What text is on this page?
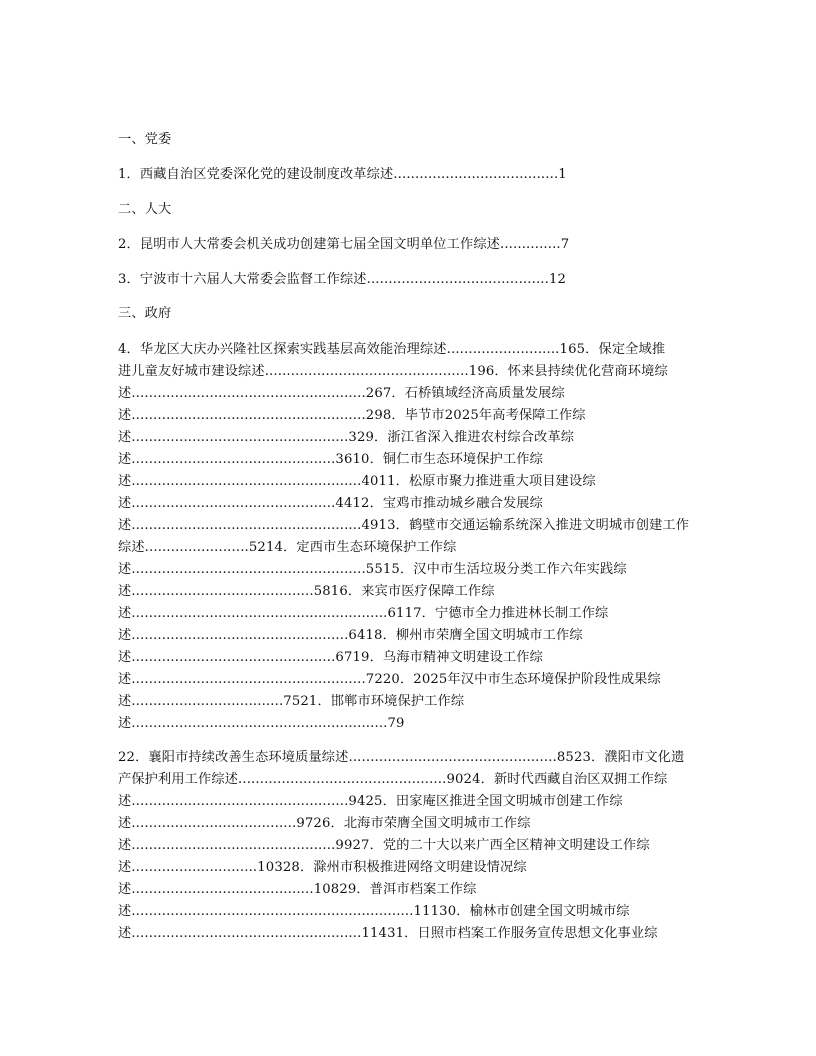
一、党委

1．西藏自治区党委深化党的建设制度改革综述......................................1

二、人大

2．昆明市人大常委会机关成功创建第七届全国文明单位工作综述..............7

3．宁波市十六届人大常委会监督工作综述..........................................12

三、政府

4．华龙区大庆办兴隆社区探索实践基层高效能治理综述..........................165．保定全域推

进儿童友好城市建设综述...............................................196．怀来县持续优化营商环境综

述......................................................267．石桥镇域经济高质量发展综

述......................................................298．毕节市2025年高考保障工作综

述..................................................329．浙江省深入推进农村综合改革综

述...............................................3610．铜仁市生态环境保护工作综

述.....................................................4011．松原市聚力推进重大项目建设综

述...............................................4412．宝鸡市推动城乡融合发展综

述.....................................................4913．鹤壁市交通运输系统深入推进文明城市创建工作

综述........................5214．定西市生态环境保护工作综

述......................................................5515．汉中市生活垃圾分类工作六年实践综

述..........................................5816．来宾市医疗保障工作综

述...........................................................6117．宁德市全力推进林长制工作综

述..................................................6418．柳州市荣膺全国文明城市工作综

述...............................................6719．乌海市精神文明建设工作综

述......................................................7220．2025年汉中市生态环境保护阶段性成果综

述...................................7521．邯郸市环境保护工作综

述...........................................................79

22．襄阳市持续改善生态环境质量综述................................................8523．濮阳市文化遗

产保护利用工作综述................................................9024．新时代西藏自治区双拥工作综

述..................................................9425．田家庵区推进全国文明城市创建工作综

述......................................9726．北海市荣膺全国文明城市工作综

述...............................................9927．党的二十大以来广西全区精神文明建设工作综

述.............................10328．滁州市积极推进网络文明建设情况综

述..........................................10829．普洱市档案工作综

述.................................................................11130．榆林市创建全国文明城市综

述.....................................................11431．日照市档案工作服务宣传思想文化事业综
